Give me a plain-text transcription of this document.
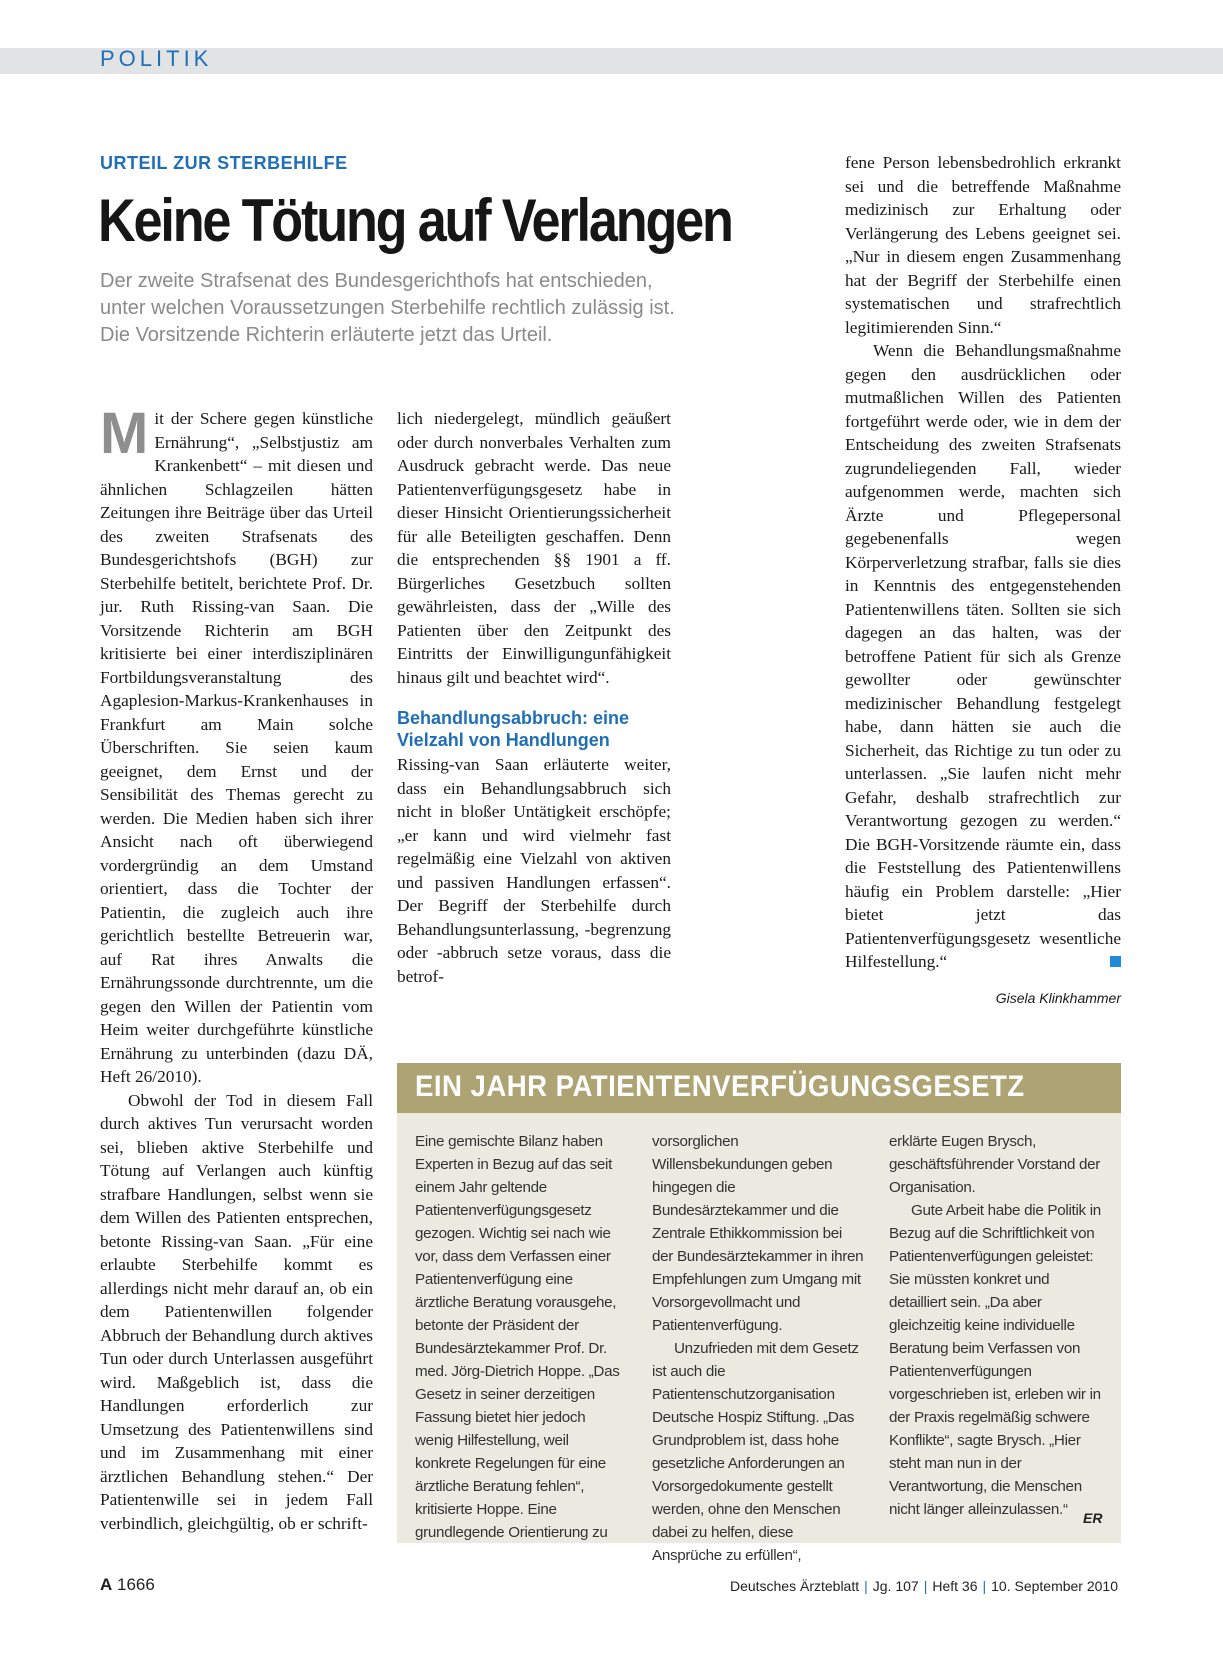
POLITIK
URTEIL ZUR STERBEHILFE
Keine Tötung auf Verlangen
Der zweite Strafsenat des Bundesgerichthofs hat entschieden,
unter welchen Voraussetzungen Sterbehilfe rechtlich zulässig ist.
Die Vorsitzende Richterin erläuterte jetzt das Urteil.

Mit der Schere gegen künstliche Ernährung“, „Selbstjustiz am Krankenbett“ – mit diesen und ähnlichen Schlagzeilen hätten Zeitungen ihre Beiträge über das Urteil des zweiten Strafsenats des Bundesgerichtshofs (BGH) zur Sterbehilfe betitelt, berichtete Prof. Dr. jur. Ruth Rissing-van Saan. Die Vorsitzende Richterin am BGH kritisierte bei einer interdisziplinären Fortbildungsveranstaltung des Agaplesion-Markus-Krankenhauses in Frankfurt am Main solche Überschriften. Sie seien kaum geeignet, dem Ernst und der Sensibilität des Themas gerecht zu werden. Die Medien haben sich ihrer Ansicht nach oft überwiegend vordergründig an dem Umstand orientiert, dass die Tochter der Patientin, die zugleich auch ihre gerichtlich bestellte Betreuerin war, auf Rat ihres Anwalts die Ernährungssonde durchtrennte, um die gegen den Willen der Patientin vom Heim weiter durchgeführte künstliche Ernährung zu unterbinden (dazu DÄ, Heft 26/2010).

Obwohl der Tod in diesem Fall durch aktives Tun verursacht worden sei, blieben aktive Sterbehilfe und Tötung auf Verlangen auch künftig strafbare Handlungen, selbst wenn sie dem Willen des Patienten entsprechen, betonte Rissing-van Saan. „Für eine erlaubte Sterbehilfe kommt es allerdings nicht mehr darauf an, ob ein dem Patientenwillen folgender Abbruch der Behandlung durch aktives Tun oder durch Unterlassen ausgeführt wird. Maßgeblich ist, dass die Handlungen erforderlich zur Umsetzung des Patientenwillens sind und im Zusammenhang mit einer ärztlichen Behandlung stehen.“ Der Patientenwille sei in jedem Fall verbindlich, gleichgültig, ob er schrift-

lich niedergelegt, mündlich geäußert oder durch nonverbales Verhalten zum Ausdruck gebracht werde. Das neue Patientenverfügungsgesetz habe in dieser Hinsicht Orientierungssicherheit für alle Beteiligten geschaffen. Denn die entsprechenden §§ 1901 a ff. Bürgerliches Gesetzbuch sollten gewährleisten, dass der „Wille des Patienten über den Zeitpunkt des Eintritts der Einwilligungunfähigkeit hinaus gilt und beachtet wird“.

Behandlungsabbruch: eine Vielzahl von Handlungen

Rissing-van Saan erläuterte weiter, dass ein Behandlungsabbruch sich nicht in bloßer Untätigkeit erschöpfe; „er kann und wird vielmehr fast regelmäßig eine Vielzahl von aktiven und passiven Handlungen erfassen“. Der Begriff der Sterbehilfe durch Behandlungsunterlassung, -begrenzung oder -abbruch setze voraus, dass die betrof-

fene Person lebensbedrohlich erkrankt sei und die betreffende Maßnahme medizinisch zur Erhaltung oder Verlängerung des Lebens geeignet sei. „Nur in diesem engen Zusammenhang hat der Begriff der Sterbehilfe einen systematischen und strafrechtlich legitimierenden Sinn.“

Wenn die Behandlungsmaßnahme gegen den ausdrücklichen oder mutmaßlichen Willen des Patienten fortgeführt werde oder, wie in dem der Entscheidung des zweiten Strafsenats zugrundeliegenden Fall, wieder aufgenommen werde, machten sich Ärzte und Pflegepersonal gegebenenfalls wegen Körperverletzung strafbar, falls sie dies in Kenntnis des entgegenstehenden Patientenwillens täten. Sollten sie sich dagegen an das halten, was der betroffene Patient für sich als Grenze gewollter oder gewünschter medizinischer Behandlung festgelegt habe, dann hätten sie auch die Sicherheit, das Richtige zu tun oder zu unterlassen. „Sie laufen nicht mehr Gefahr, deshalb strafrechtlich zur Verantwortung gezogen zu werden.“ Die BGH-Vorsitzende räumte ein, dass die Feststellung des Patientenwillens häufig ein Problem darstelle: „Hier bietet jetzt das Patientenverfügungsgesetz wesentliche Hilfestellung.“

Gisela Klinkhammer
EIN JAHR PATIENTENVERFÜGUNGSGESETZ

Eine gemischte Bilanz haben Experten in Bezug auf das seit einem Jahr geltende Patientenverfügungsgesetz gezogen. Wichtig sei nach wie vor, dass dem Verfassen einer Patientenverfügung eine ärztliche Beratung vorausgehe, betonte der Präsident der Bundesärztekammer Prof. Dr. med. Jörg-Dietrich Hoppe. „Das Gesetz in seiner derzeitigen Fassung bietet hier jedoch wenig Hilfestellung, weil konkrete Regelungen für eine ärztliche Beratung fehlen“, kritisierte Hoppe. Eine grundlegende Orientierung zu

vorsorglichen Willensbekundungen geben hingegen die Bundesärztekammer und die Zentrale Ethikkommission bei der Bundesärztekammer in ihren Empfehlungen zum Umgang mit Vorsorgevollmacht und Patientenverfügung.

Unzufrieden mit dem Gesetz ist auch die Patientenschutzorganisation Deutsche Hospiz Stiftung. „Das Grundproblem ist, dass hohe gesetzliche Anforderungen an Vorsorgedokumente gestellt werden, ohne den Menschen dabei zu helfen, diese Ansprüche zu erfüllen“,

erklärte Eugen Brysch, geschäftsführender Vorstand der Organisation.

Gute Arbeit habe die Politik in Bezug auf die Schriftlichkeit von Patientenverfügungen geleistet: Sie müssten konkret und detailliert sein. „Da aber gleichzeitig keine individuelle Beratung beim Verfassen von Patientenverfügungen vorgeschrieben ist, erleben wir in der Praxis regelmäßig schwere Konflikte“, sagte Brysch. „Hier steht man nun in der Verantwortung, die Menschen nicht länger alleinzulassen.“	ER
A 1666	Deutsches Ärzteblatt | Jg. 107 | Heft 36 | 10. September 2010
